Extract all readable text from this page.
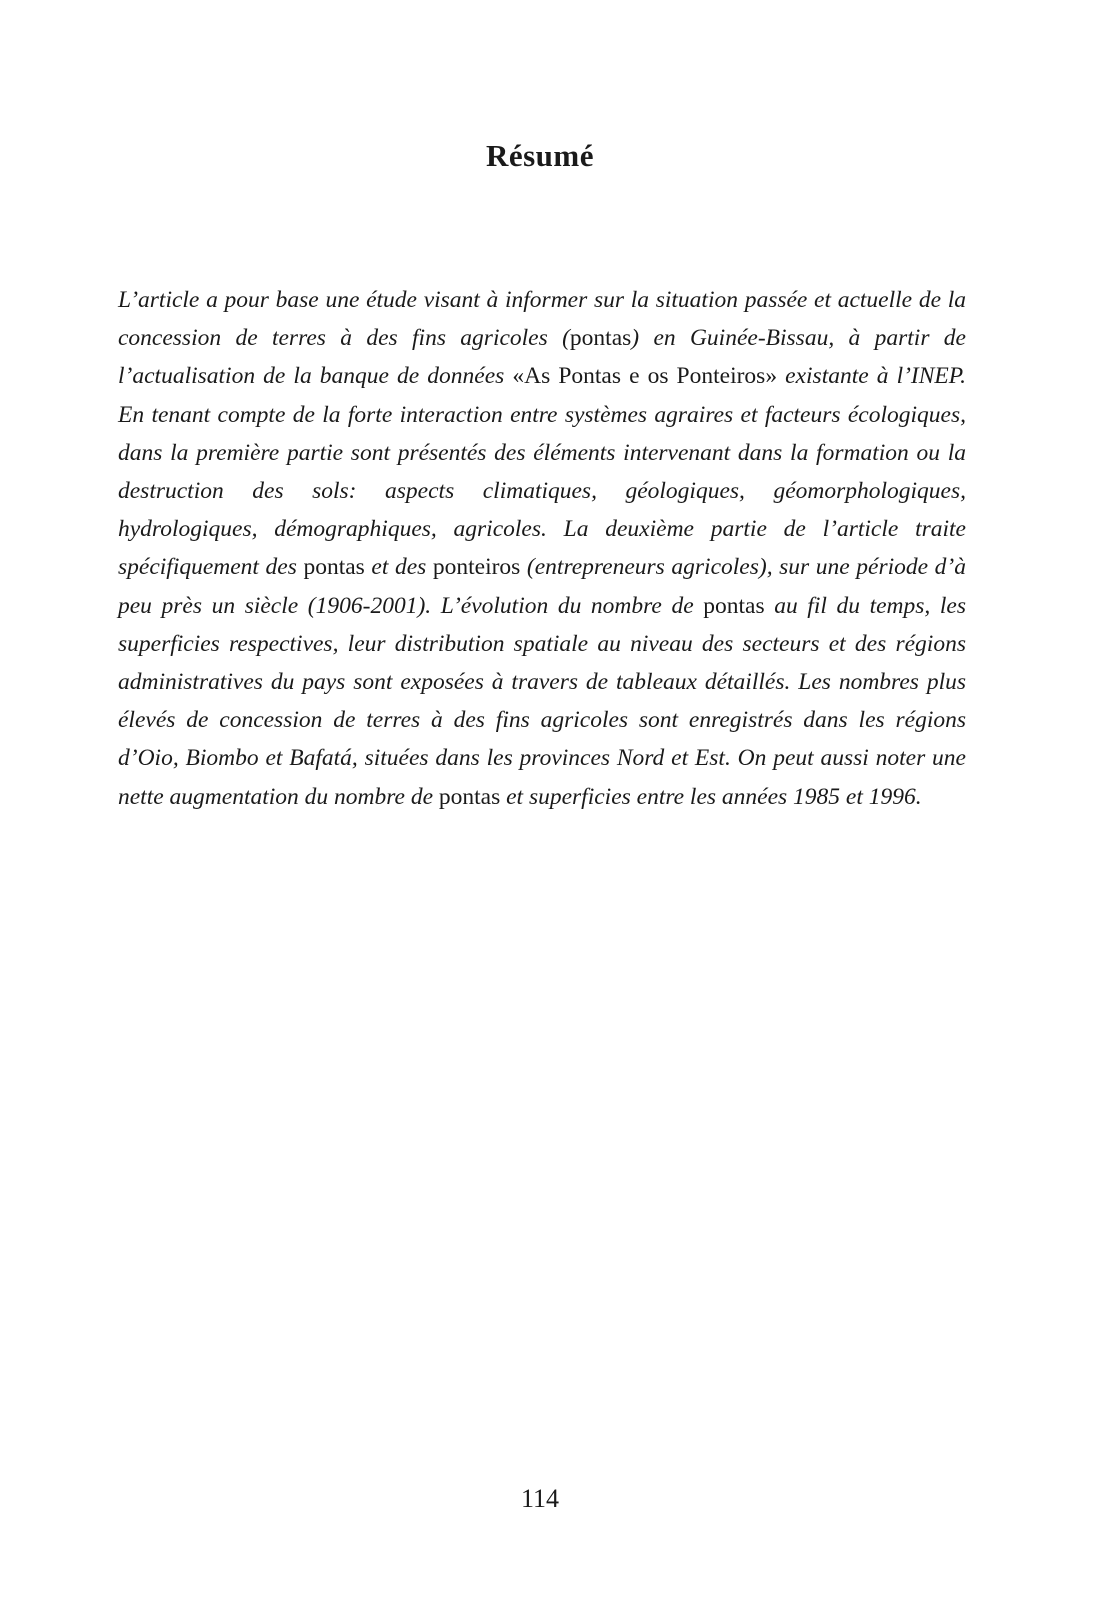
Résumé

L’article a pour base une étude visant à informer sur la situation passée et actuelle de la concession de terres à des fins agricoles (pontas) en Guinée-Bissau, à partir de l’actualisation de la banque de données «As Pontas e os Ponteiros» existante à l’INEP. En tenant compte de la forte interaction entre systèmes agraires et facteurs écologiques, dans la première partie sont présentés des éléments intervenant dans la formation ou la destruction des sols: aspects climatiques, géologiques, géomorphologiques, hydrologiques, démographiques, agricoles. La deuxième partie de l’article traite spécifiquement des pontas et des ponteiros (entrepreneurs agricoles), sur une période d’à peu près un siècle (1906-2001). L’évolution du nombre de pontas au fil du temps, les superficies respectives, leur distribution spatiale au niveau des secteurs et des régions administratives du pays sont exposées à travers de tableaux détaillés. Les nombres plus élevés de concession de terres à des fins agricoles sont enregistrés dans les régions d’Oio, Biombo et Bafatá, situées dans les provinces Nord et Est. On peut aussi noter une nette augmentation du nombre de pontas et superficies entre les années 1985 et 1996.

114
